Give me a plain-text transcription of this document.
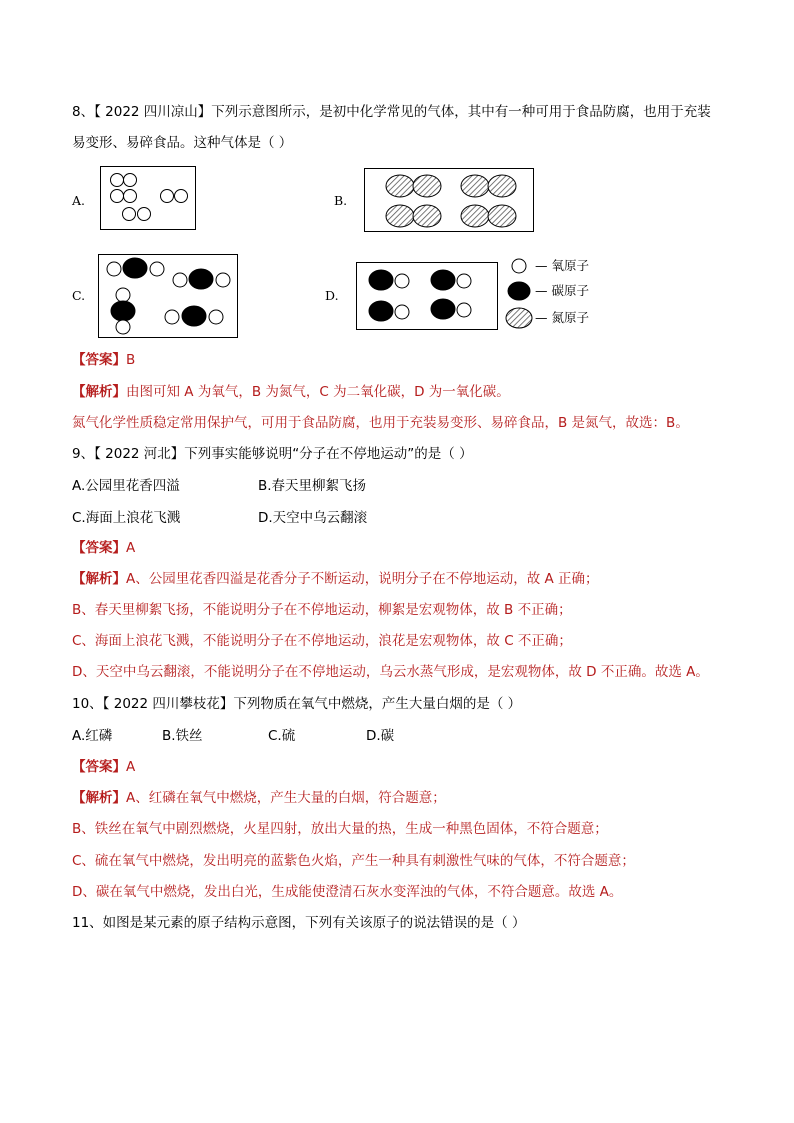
8、【 2022 四川凉山】下列示意图所示，是初中化学常见的气体，其中有一种可用于食品防腐，也用于充装
易变形、易碎食品。这种气体是（ ）
A.	B.
C.	D.
— 氧原子
— 碳原子
— 氮原子
【答案】B
【解析】由图可知 A 为氧气，B 为氮气，C 为二氧化碳，D 为一氧化碳。
氮气化学性质稳定常用保护气，可用于食品防腐，也用于充装易变形、易碎食品，B 是氮气，故选：B。
9、【 2022 河北】下列事实能够说明“分子在不停地运动”的是（ ）
A.公园里花香四溢	B.春天里柳絮飞扬
C.海面上浪花飞溅	D.天空中乌云翻滚
【答案】A
【解析】A、公园里花香四溢是花香分子不断运动，说明分子在不停地运动，故 A 正确；
B、春天里柳絮飞扬，不能说明分子在不停地运动，柳絮是宏观物体，故 B 不正确；
C、海面上浪花飞溅，不能说明分子在不停地运动，浪花是宏观物体，故 C 不正确；
D、天空中乌云翻滚，不能说明分子在不停地运动，乌云水蒸气形成，是宏观物体，故 D 不正确。故选 A。
10、【 2022 四川攀枝花】下列物质在氧气中燃烧，产生大量白烟的是（ ）
A.红磷	B.铁丝	C.硫	D.碳
【答案】A
【解析】A、红磷在氧气中燃烧，产生大量的白烟，符合题意；
B、铁丝在氧气中剧烈燃烧，火星四射，放出大量的热，生成一种黑色固体，不符合题意；
C、硫在氧气中燃烧，发出明亮的蓝紫色火焰，产生一种具有刺激性气味的气体，不符合题意；
D、碳在氧气中燃烧，发出白光，生成能使澄清石灰水变浑浊的气体，不符合题意。故选 A。
11、如图是某元素的原子结构示意图，下列有关该原子的说法错误的是（ ）
